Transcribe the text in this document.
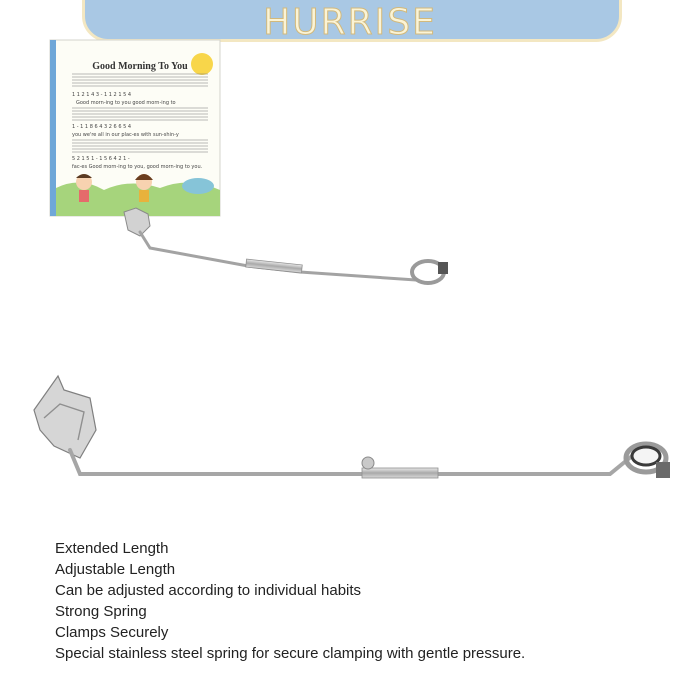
HURRISE
Good Morning To You
1 1 2 1 4 3 - 1 1 2 1 5 4
Good morn-ing to you good morn-ing to
1 - 1 1 8 6 4 3 2 6 6 5 4
you we're all in our plac-es with sun-shin-y
5 2 1 5 1 - 1 5 6 4 2 1 -
fac-es Good morn-ing to you, good morn-ing to you.
Extended Length
Adjustable Length
Can be adjusted according to individual habits
Strong Spring
Clamps Securely
Special stainless steel spring for secure clamping with gentle pressure.
